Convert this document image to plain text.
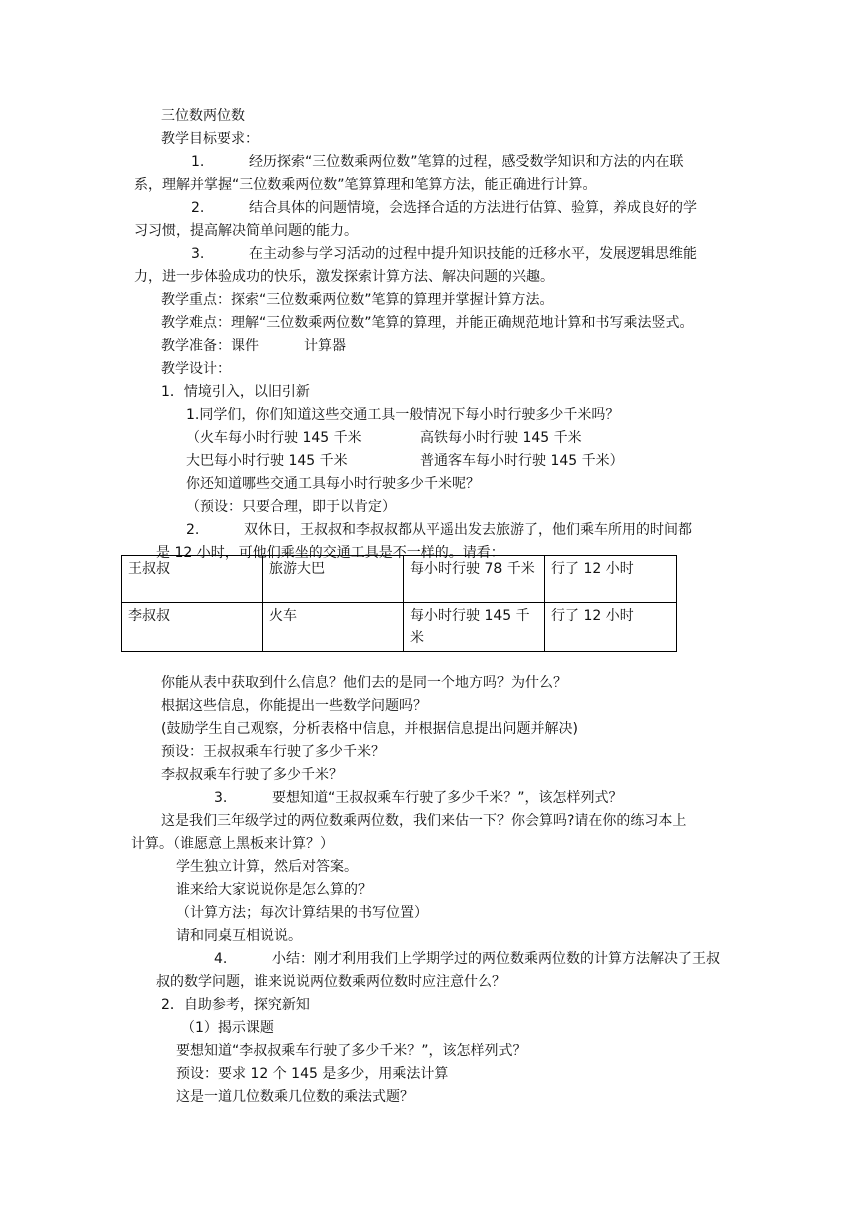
三位数两位数
教学目标要求：
1.	经历探索“三位数乘两位数”笔算的过程，感受数学知识和方法的内在联
系，理解并掌握“三位数乘两位数”笔算算理和笔算方法，能正确进行计算。
2.	结合具体的问题情境，会选择合适的方法进行估算、验算，养成良好的学
习习惯，提高解决简单问题的能力。
3.	在主动参与学习活动的过程中提升知识技能的迁移水平，发展逻辑思维能
力，进一步体验成功的快乐，激发探索计算方法、解决问题的兴趣。
教学重点：探索“三位数乘两位数”笔算的算理并掌握计算方法。
教学难点：理解“三位数乘两位数”笔算的算理，并能正确规范地计算和书写乘法竖式。
教学准备：课件	计算器
教学设计：
1．情境引入，以旧引新
1.同学们，你们知道这些交通工具一般情况下每小时行驶多少千米吗？
（火车每小时行驶 145 千米	高铁每小时行驶 145 千米
大巴每小时行驶 145 千米	普通客车每小时行驶 145 千米）
你还知道哪些交通工具每小时行驶多少千米呢？
（预设：只要合理，即于以肯定）
2.	双休日，王叔叔和李叔叔都从平遥出发去旅游了，他们乘车所用的时间都
是 12 小时，可他们乘坐的交通工具是不一样的。请看：
王叔叔	旅游大巴	每小时行驶 78 千米	行了 12 小时
李叔叔	火车	每小时行驶 145 千米	行了 12 小时
你能从表中获取到什么信息？他们去的是同一个地方吗？为什么？
根据这些信息，你能提出一些数学问题吗？
(鼓励学生自己观察，分析表格中信息，并根据信息提出问题并解决)
预设：王叔叔乘车行驶了多少千米？
李叔叔乘车行驶了多少千米？
3.	要想知道“王叔叔乘车行驶了多少千米？”，该怎样列式？
这是我们三年级学过的两位数乘两位数，我们来估一下？你会算吗?请在你的练习本上
计算。（谁愿意上黑板来计算？）
学生独立计算，然后对答案。
谁来给大家说说你是怎么算的？
（计算方法；每次计算结果的书写位置）
请和同桌互相说说。
4.	小结：刚才利用我们上学期学过的两位数乘两位数的计算方法解决了王叔
叔的数学问题，谁来说说两位数乘两位数时应注意什么？
2．自助参考，探究新知
（1）揭示课题
要想知道“李叔叔乘车行驶了多少千米？”，该怎样列式？
预设：要求 12 个 145 是多少，用乘法计算
这是一道几位数乘几位数的乘法式题？
